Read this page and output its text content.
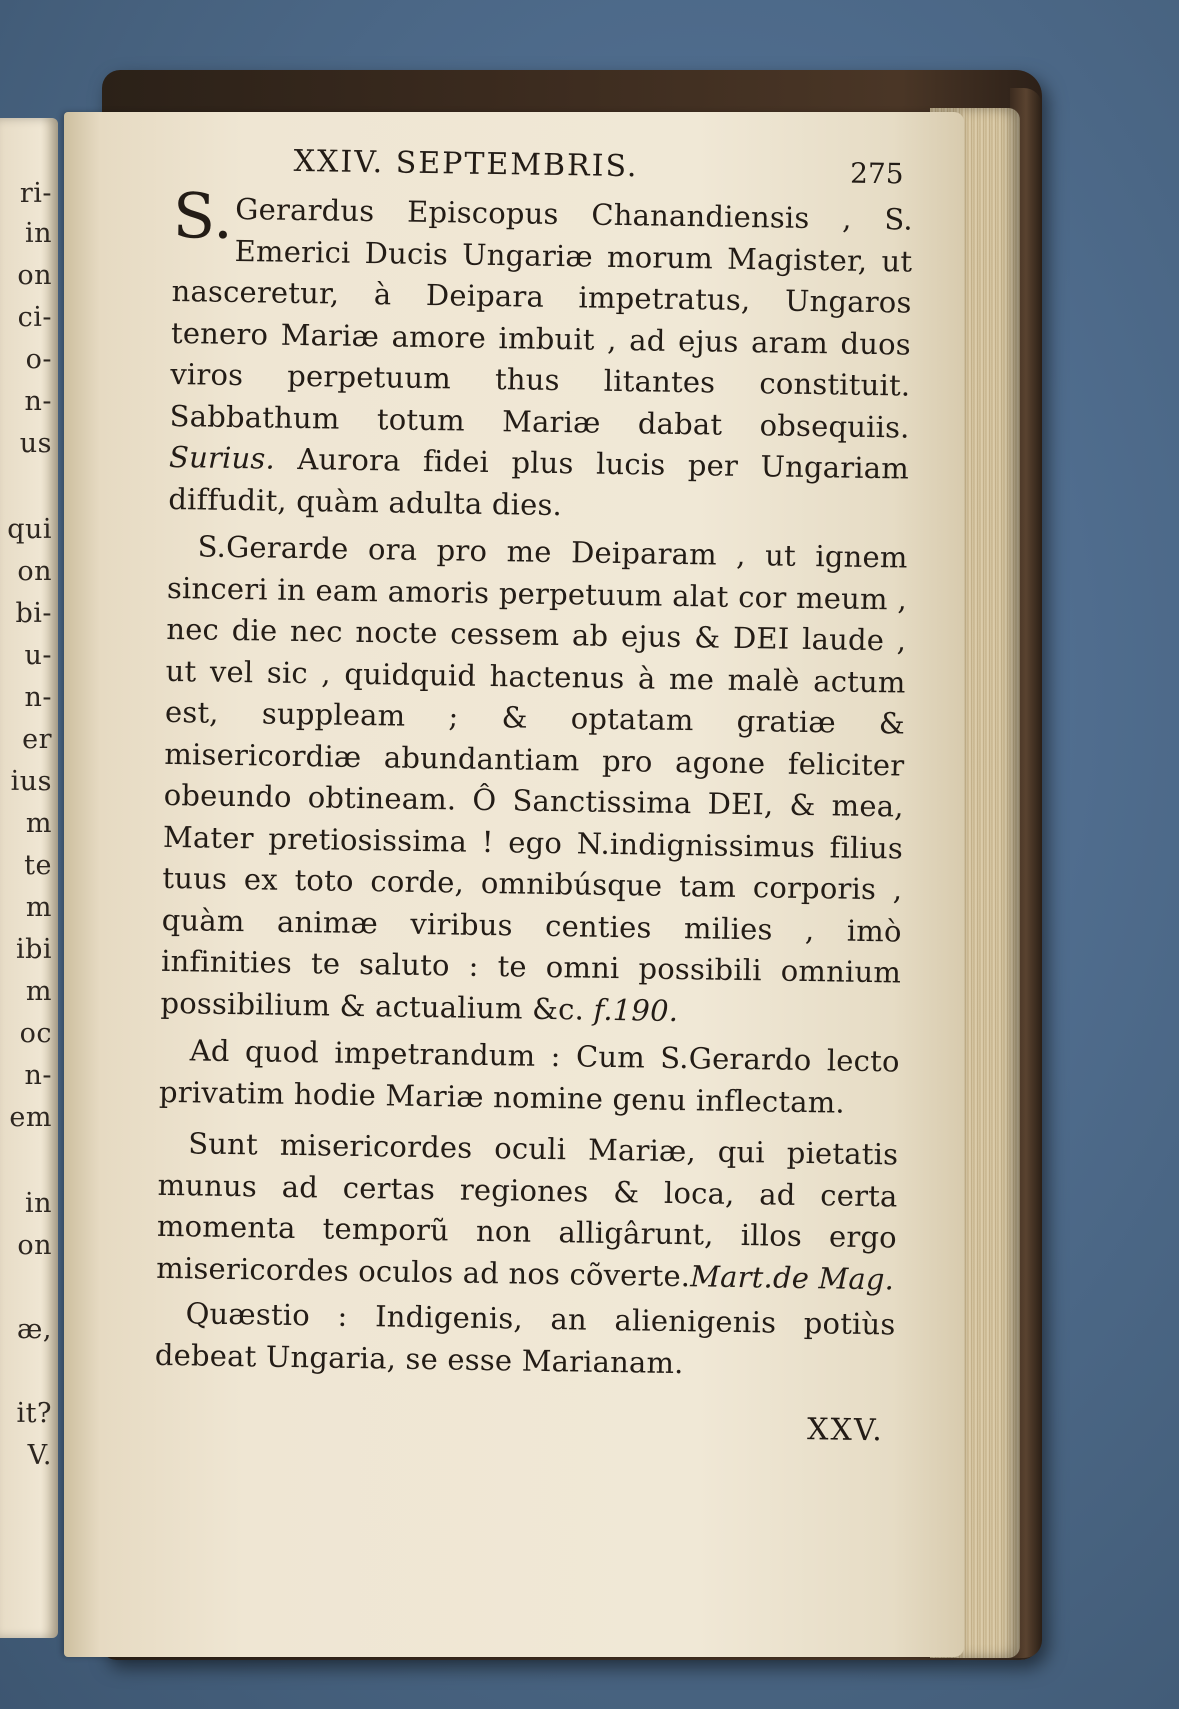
ri-
in
on
ci-
o-
n-
us
qui
on
bi-
u-
n-
er
ius
m
te
m
ibi
m
oc
n-
em
in
on
æ,
it?
V.
XXIV. SEPTEMBRIS.	275

S. Gerardus Episcopus Chanandiensis , S. Emerici Ducis Ungariæ morum Magister, ut nasceretur, à Deipara impetratus, Ungaros tenero Mariæ amore imbuit , ad ejus aram duos viros perpetuum thus litantes constituit. Sabbathum totum Mariæ dabat obsequiis. Surius. Aurora fidei plus lucis per Ungariam diffudit, quàm adulta dies.

S.Gerarde ora pro me Deiparam , ut ignem sinceri in eam amoris perpetuum alat cor meum , nec die nec nocte cessem ab ejus & DEI laude , ut vel sic , quidquid hactenus à me malè actum est, suppleam ; & optatam gratiæ & misericordiæ abundantiam pro agone feliciter obeundo obtineam. Ô Sanctissima DEI, & mea, Mater pretiosissima ! ego N.indignissimus filius tuus ex toto corde, omnibúsque tam corporis , quàm animæ viribus centies milies , imò infinities te saluto : te omni possibili omnium possibilium & actualium &c. f.190.

Ad quod impetrandum : Cum S.Gerardo lecto privatim hodie Mariæ nomine genu inflectam.

Sunt misericordes oculi Mariæ, qui pietatis munus ad certas regiones & loca, ad certa momenta temporũ non alligârunt, illos ergo misericordes oculos ad nos cõverte.Mart.de Mag.

Quæstio : Indigenis, an alienigenis potiùs debeat Ungaria, se esse Marianam.

XXV.
